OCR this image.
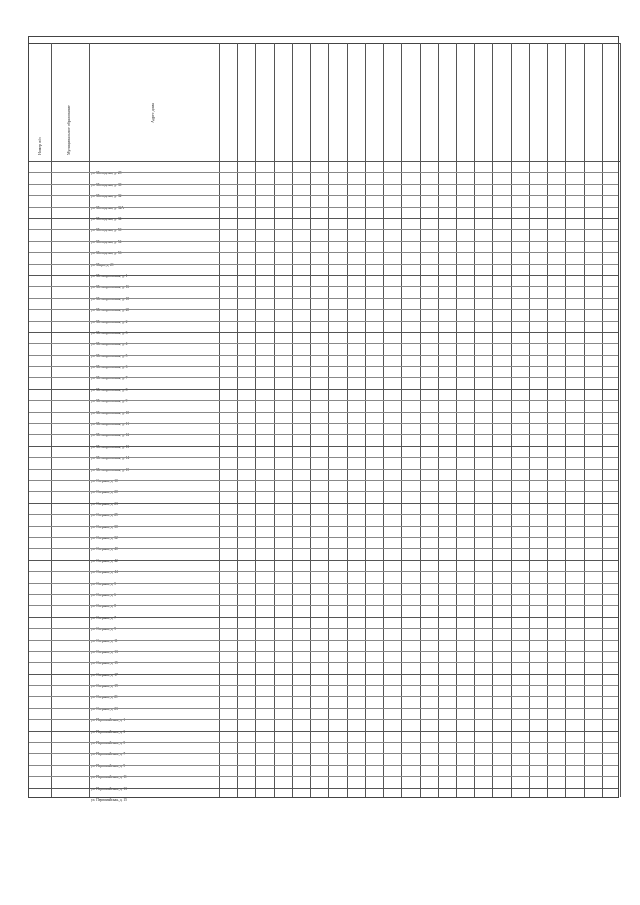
Номер п/п	Муниципальное образование	Адрес дома
ул. Молодежи, д. 28
ул. Молодежи, д. 30
ул. Молодежи, д. 32
ул. Молодежи, д. 32А
ул. Молодежи, д. 34
ул. Молодежи, д. 50
ул. Молодежи, д. 54
ул. Молодежи, д. 56
ул. Мира, д. 21
ул. Мелиоративная, д. 1
ул. Мелиоративная, д. 16
ул. Мелиоративная, д. 18
ул. Мелиоративная, д. 20
ул. Мелиоративная, д. 2
ул. Мелиоративная, д. 3
ул. Мелиоративная, д. 4
ул. Мелиоративная, д. 5
ул. Мелиоративная, д. 6
ул. Мелиоративная, д. 7
ул. Мелиоративная, д. 8
ул. Мелиоративная, д. 9
ул. Мелиоративная, д. 10
ул. Мелиоративная, д. 11
ул. Мелиоративная, д. 12
ул. Мелиоративная, д. 13
ул. Мелиоративная, д. 14
ул. Мелиоративная, д. 15
ул. Озерная, д. 10
ул. Озерная, д. 20
ул. Озерная, д. 23
ул. Озерная, д. 25
ул. Озерная, д. 30
ул. Озерная, д. 32
ул. Озерная, д. 40
ул. Озерная, д. 42
ул. Озерная, д. 44
ул. Озерная, д. 5
ул. Озерная, д. 6
ул. Озерная, д. 8
ул. Озерная, д. 7
ул. Озерная, д. 9
ул. Озерная, д. 11
ул. Озерная, д. 13
ул. Озерная, д. 15
ул. Озерная, д. 17
ул. Озерная, д. 19
ул. Озерная, д. 21
ул. Озерная, д. 23
ул. Первомайская, д. 1
ул. Первомайская, д. 3
ул. Первомайская, д. 5
ул. Первомайская, д. 7
ул. Первомайская, д. 9
ул. Первомайская, д. 11
ул. Первомайская, д. 13
ул. Первомайская, д. 15
